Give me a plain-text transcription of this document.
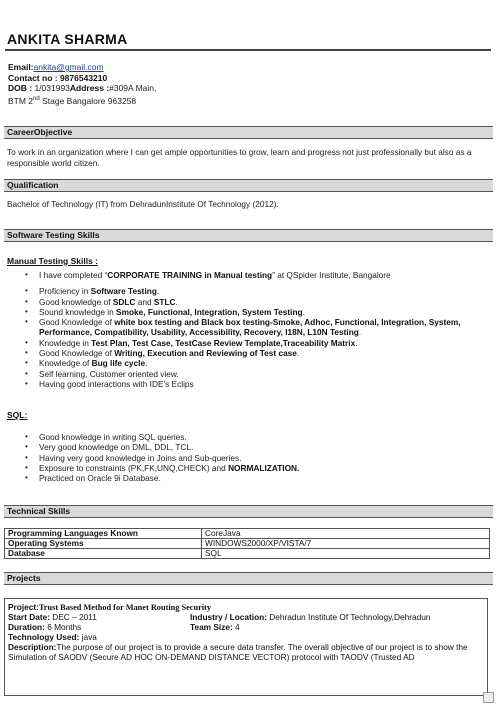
ANKITA SHARMA
Email:ankita@gmail.com
Contact no : 9876543210
DOB : 1/031993Address :#309A Main,
BTM 2nd Stage Bangalore 963258
CareerObjective
To work in an organization where I can get ample opportunities to grow, learn and progress not just professionally but also as a responsible world citizen.
Qualification
Bachelor of Technology (IT) from DehradunInstitute Of Technology (2012).
Software Testing Skills
Manual Testing Skills :
• I have completed “CORPORATE TRAINING in Manual testing” at QSpider Institute, Bangalore
• Proficiency in Software Testing.
• Good knowledge of SDLC and STLC.
• Sound knowledge in Smoke, Functional, Integration, System Testing.
• Good Knowledge of white box testing and Black box testing-Smoke, Adhoc, Functional, Integration, System, Performance, Compatibility, Usability, Accessibility, Recovery, I18N, L10N Testing.
• Knowledge in Test Plan, Test Case, TestCase Review Template,Traceability Matrix.
• Good Knowledge of Writing, Execution and Reviewing of Test case.
• Knowledge of Bug life cycle.
• Self learning, Customer oriented view.
• Having good interactions with IDE's Eclips
SQL:
• Good knowledge in writing SQL queries.
• Very good knowledge on DML, DDL, TCL.
• Having very good knowledge in Joins and Sub-queries.
• Exposure to constraints (PK,FK,UNQ,CHECK) and NORMALIZATION.
• Practiced on Oracle 9i Database.
Technical Skills
Programming Languages Known	CoreJava
Operating Systems	WINDOWS2000/XP/VISTA/7
Database	SQL
Projects
Project:Trust Based Method for Manet Routing Security
Start Date: DEC – 2011	Industry / Location: Dehradun Institute Of Technology,Dehradun
Duration: 6 Months	Team Size: 4
Technology Used: java
Description:The purpose of our project is to provide a secure data transfer. The overall objective of our project is to show the Simulation of SAODV (Secure AD HOC ON-DEMAND DISTANCE VECTOR) protocol with TAODV (Trusted AD
